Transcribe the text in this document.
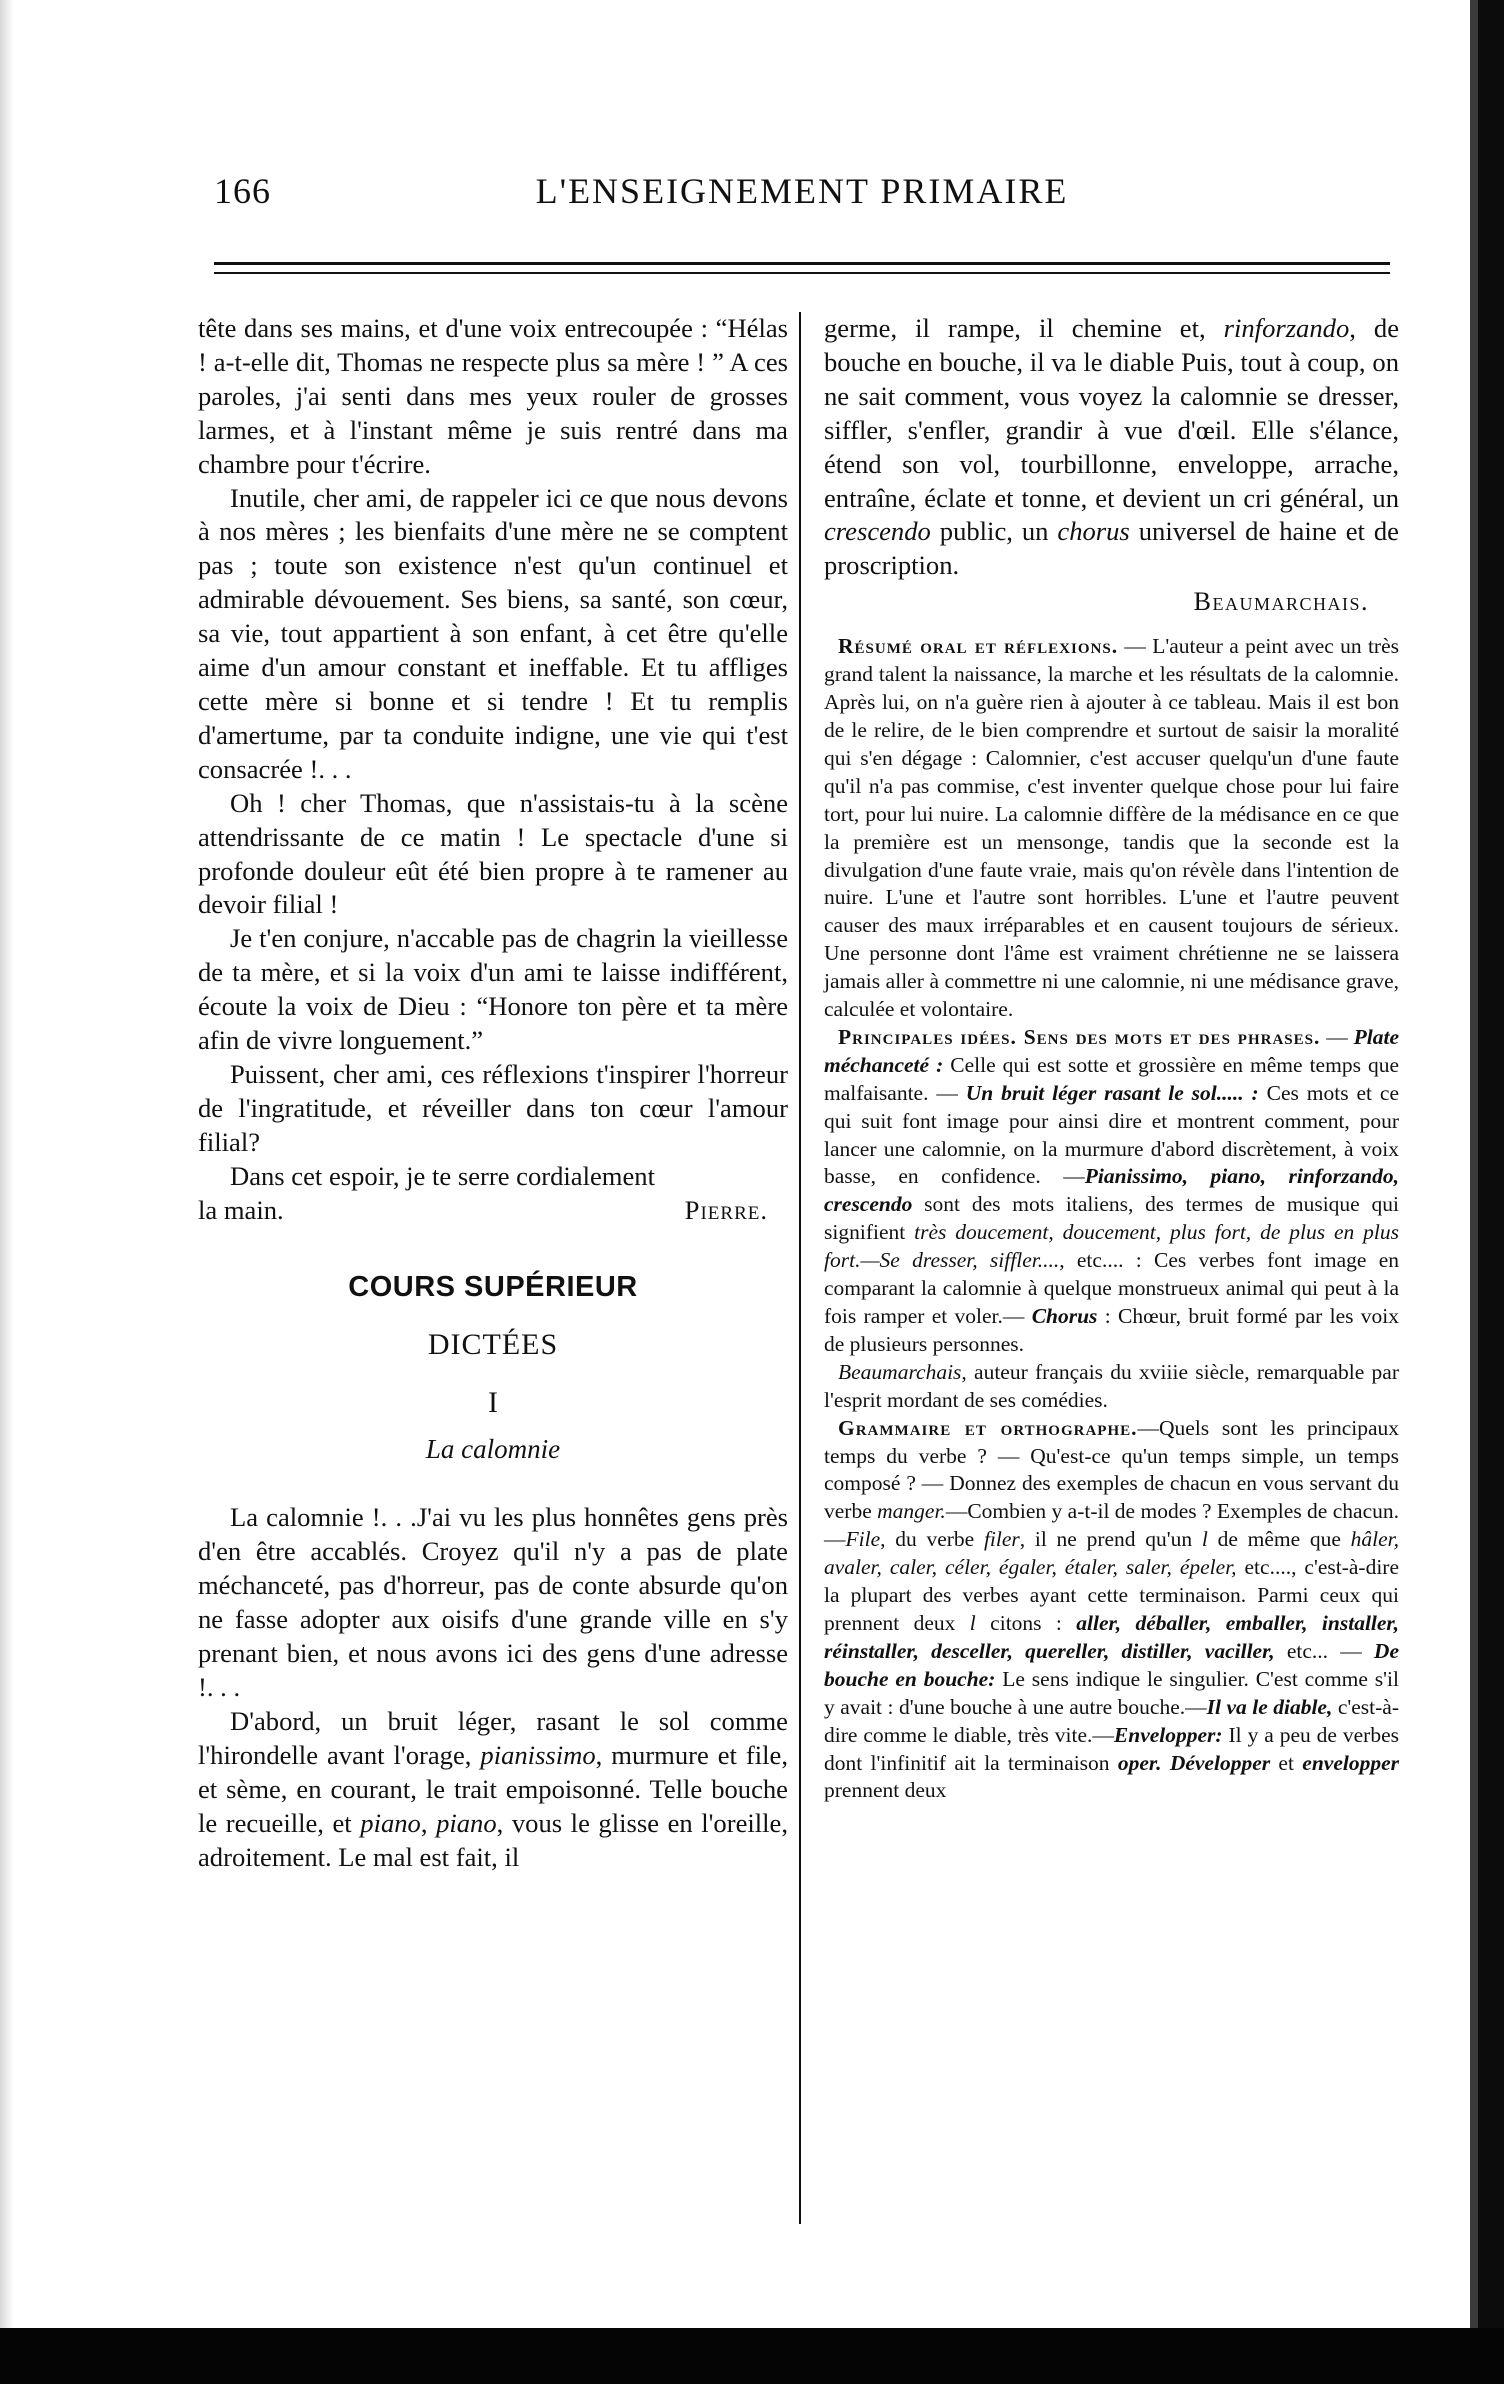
L'ENSEIGNEMENT PRIMAIRE
166

tête dans ses mains, et d'une voix entrecoupée : “Hélas ! a-t-elle dit, Thomas ne respecte plus sa mère ! ” A ces paroles, j'ai senti dans mes yeux rouler de grosses larmes, et à l'instant même je suis rentré dans ma chambre pour t'écrire.

Inutile, cher ami, de rappeler ici ce que nous devons à nos mères ; les bienfaits d'une mère ne se comptent pas ; toute son existence n'est qu'un continuel et admirable dévouement. Ses biens, sa santé, son cœur, sa vie, tout appartient à son enfant, à cet être qu'elle aime d'un amour constant et ineffable. Et tu affliges cette mère si bonne et si tendre ! Et tu remplis d'amertume, par ta conduite indigne, une vie qui t'est consacrée !. . .

Oh ! cher Thomas, que n'assistais-tu à la scène attendrissante de ce matin ! Le spectacle d'une si profonde douleur eût été bien propre à te ramener au devoir filial !

Je t'en conjure, n'accable pas de chagrin la vieillesse de ta mère, et si la voix d'un ami te laisse indifférent, écoute la voix de Dieu : “Honore ton père et ta mère afin de vivre longuement.”

Puissent, cher ami, ces réflexions t'inspirer l'horreur de l'ingratitude, et réveiller dans ton cœur l'amour filial?

Dans cet espoir, je te serre cordialement

la main.	Pierre.

COURS SUPÉRIEUR

DICTÉES

I

La calomnie

La calomnie !. . .J'ai vu les plus honnêtes gens près d'en être accablés. Croyez qu'il n'y a pas de plate méchanceté, pas d'horreur, pas de conte absurde qu'on ne fasse adopter aux oisifs d'une grande ville en s'y prenant bien, et nous avons ici des gens d'une adresse !. . .

D'abord, un bruit léger, rasant le sol comme l'hirondelle avant l'orage, pianissimo, murmure et file, et sème, en courant, le trait empoisonné. Telle bouche le recueille, et piano, piano, vous le glisse en l'oreille, adroitement. Le mal est fait, il

germe, il rampe, il chemine et, rinforzando, de bouche en bouche, il va le diable Puis, tout à coup, on ne sait comment, vous voyez la calomnie se dresser, siffler, s'enfler, grandir à vue d'œil. Elle s'élance, étend son vol, tourbillonne, enveloppe, arrache, entraîne, éclate et tonne, et devient un cri général, un crescendo public, un chorus universel de haine et de proscription.

Beaumarchais.

Résumé oral et réflexions. — L'auteur a peint avec un très grand talent la naissance, la marche et les résultats de la calomnie. Après lui, on n'a guère rien à ajouter à ce tableau. Mais il est bon de le relire, de le bien comprendre et surtout de saisir la moralité qui s'en dégage : Calomnier, c'est accuser quelqu'un d'une faute qu'il n'a pas commise, c'est inventer quelque chose pour lui faire tort, pour lui nuire. La calomnie diffère de la médisance en ce que la première est un mensonge, tandis que la seconde est la divulgation d'une faute vraie, mais qu'on révèle dans l'intention de nuire. L'une et l'autre sont horribles. L'une et l'autre peuvent causer des maux irréparables et en causent toujours de sérieux. Une personne dont l'âme est vraiment chrétienne ne se laissera jamais aller à commettre ni une calomnie, ni une médisance grave, calculée et volontaire.

Principales idées. Sens des mots et des phrases. — Plate méchanceté : Celle qui est sotte et grossière en même temps que malfaisante. — Un bruit léger rasant le sol..... : Ces mots et ce qui suit font image pour ainsi dire et montrent comment, pour lancer une calomnie, on la murmure d'abord discrètement, à voix basse, en confidence. —Pianissimo, piano, rinforzando, crescendo sont des mots italiens, des termes de musique qui signifient très doucement, doucement, plus fort, de plus en plus fort.—Se dresser, siffler...., etc.... : Ces verbes font image en comparant la calomnie à quelque monstrueux animal qui peut à la fois ramper et voler.— Chorus : Chœur, bruit formé par les voix de plusieurs personnes.

Beaumarchais, auteur français du xviiie siècle, remarquable par l'esprit mordant de ses comédies.

Grammaire et orthographe.—Quels sont les principaux temps du verbe ? — Qu'est-ce qu'un temps simple, un temps composé ? — Donnez des exemples de chacun en vous servant du verbe manger.—Combien y a-t-il de modes ? Exemples de chacun.—File, du verbe filer, il ne prend qu'un l de même que hâler, avaler, caler, céler, égaler, étaler, saler, épeler, etc...., c'est-à-dire la plupart des verbes ayant cette terminaison. Parmi ceux qui prennent deux l citons : aller, déballer, emballer, installer, réinstaller, desceller, quereller, distiller, vaciller, etc... — De bouche en bouche: Le sens indique le singulier. C'est comme s'il y avait : d'une bouche à une autre bouche.—Il va le diable, c'est-à-dire comme le diable, très vite.—Envelopper: Il y a peu de verbes dont l'infinitif ait la terminaison oper. Développer et envelopper prennent deux
